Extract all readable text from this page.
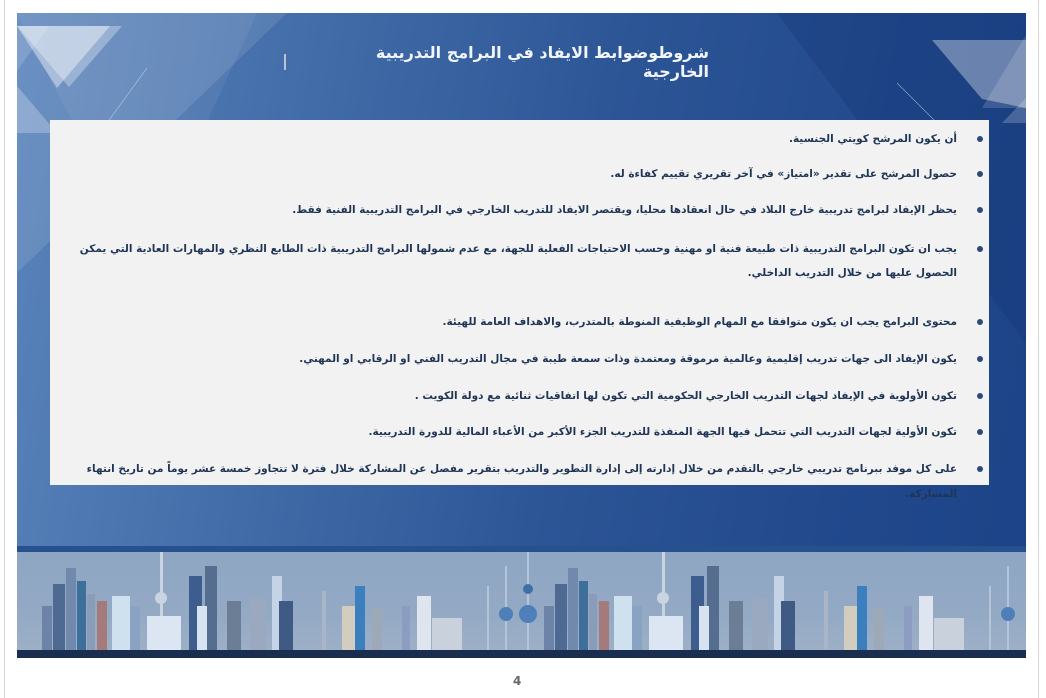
شروطوضوابط الايفاد في البرامج التدريبية الخارجية
أن يكون المرشح كويتي الجنسية.
حصول المرشح على تقدير «امتياز» في آخر تقريري تقييم كفاءة له.
يحظر الإيفاد لبرامج تدريبية خارج البلاد في حال انعقادها محليا، ويقتصر الايفاد للتدريب الخارجي في البرامج التدريبية الفنية فقط.
يجب ان تكون البرامج التدريبية ذات طبيعة فنية او مهنية وحسب الاحتياجات الفعلية للجهة، مع عدم شمولها البرامج التدريبية ذات الطابع النظري والمهارات العادية التي يمكن الحصول عليها من خلال التدريب الداخلي.
محتوى البرامج يجب ان يكون متوافقا مع المهام الوظيفية المنوطة بالمتدرب، والاهداف العامة للهيئة.
يكون الإيفاد الى جهات تدريب إقليمية وعالمية مرموقة ومعتمدة وذات سمعة طيبة في مجال التدريب الفني او الرقابي او المهني.
تكون الأولوية في الإيفاد لجهات التدريب الخارجي الحكومية التي تكون لها اتفاقيات ثنائية مع دولة الكويت .
تكون الأولية لجهات التدريب التي تتحمل فيها الجهة المنفذة للتدريب الجزء الأكبر من الأعباء المالية للدورة التدريبية.
على كل موفد ببرنامج تدريبي خارجي بالتقدم من خلال إدارته إلى إدارة التطوير والتدريب بتقرير مفصل عن المشاركة خلال فترة لا تتجاوز خمسة عشر يوماً من تاريخ انتهاء المشاركة.
4
